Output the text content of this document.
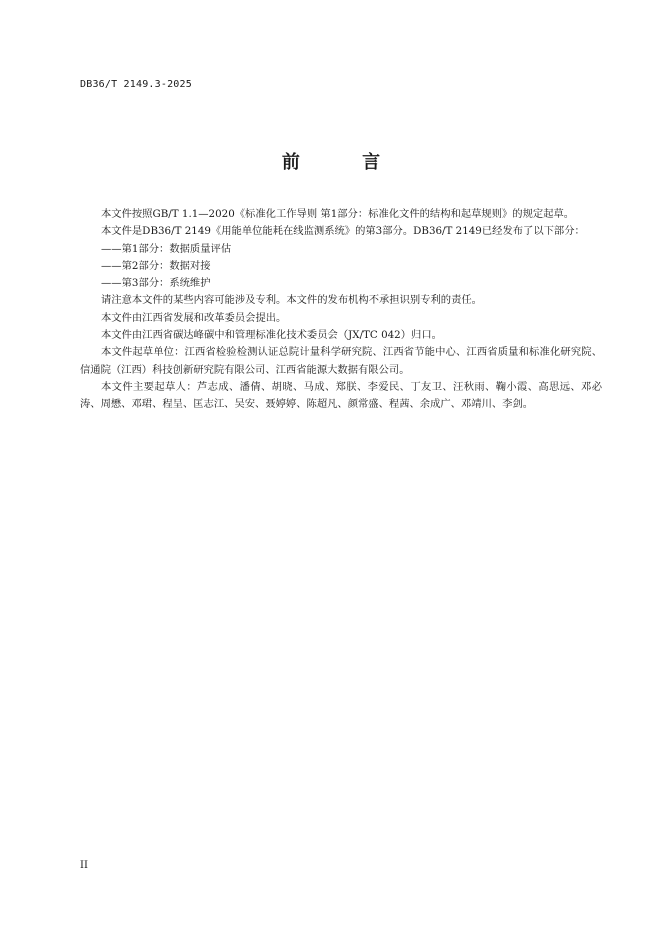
DB36/T 2149.3-2025
前 言

本文件按照GB/T 1.1—2020《标准化工作导则 第1部分：标准化文件的结构和起草规则》的规定起草。

本文件是DB36/T 2149《用能单位能耗在线监测系统》的第3部分。DB36/T 2149已经发布了以下部分：

——第1部分：数据质量评估

——第2部分：数据对接

——第3部分：系统维护

请注意本文件的某些内容可能涉及专利。本文件的发布机构不承担识别专利的责任。

本文件由江西省发展和改革委员会提出。

本文件由江西省碳达峰碳中和管理标准化技术委员会（JX/TC 042）归口。

本文件起草单位：江西省检验检测认证总院计量科学研究院、江西省节能中心、江西省质量和标准化研究院、信通院（江西）科技创新研究院有限公司、江西省能源大数据有限公司。

本文件主要起草人：芦志成、潘倩、胡晓、马成、郑朕、李爱民、丁友卫、汪秋雨、鞠小霞、高思远、邓必涛、周懋、邓珺、程呈、匡志江、吴安、聂婷婷、陈超凡、颜常盛、程茜、余成广、邓靖川、李剑。

II
